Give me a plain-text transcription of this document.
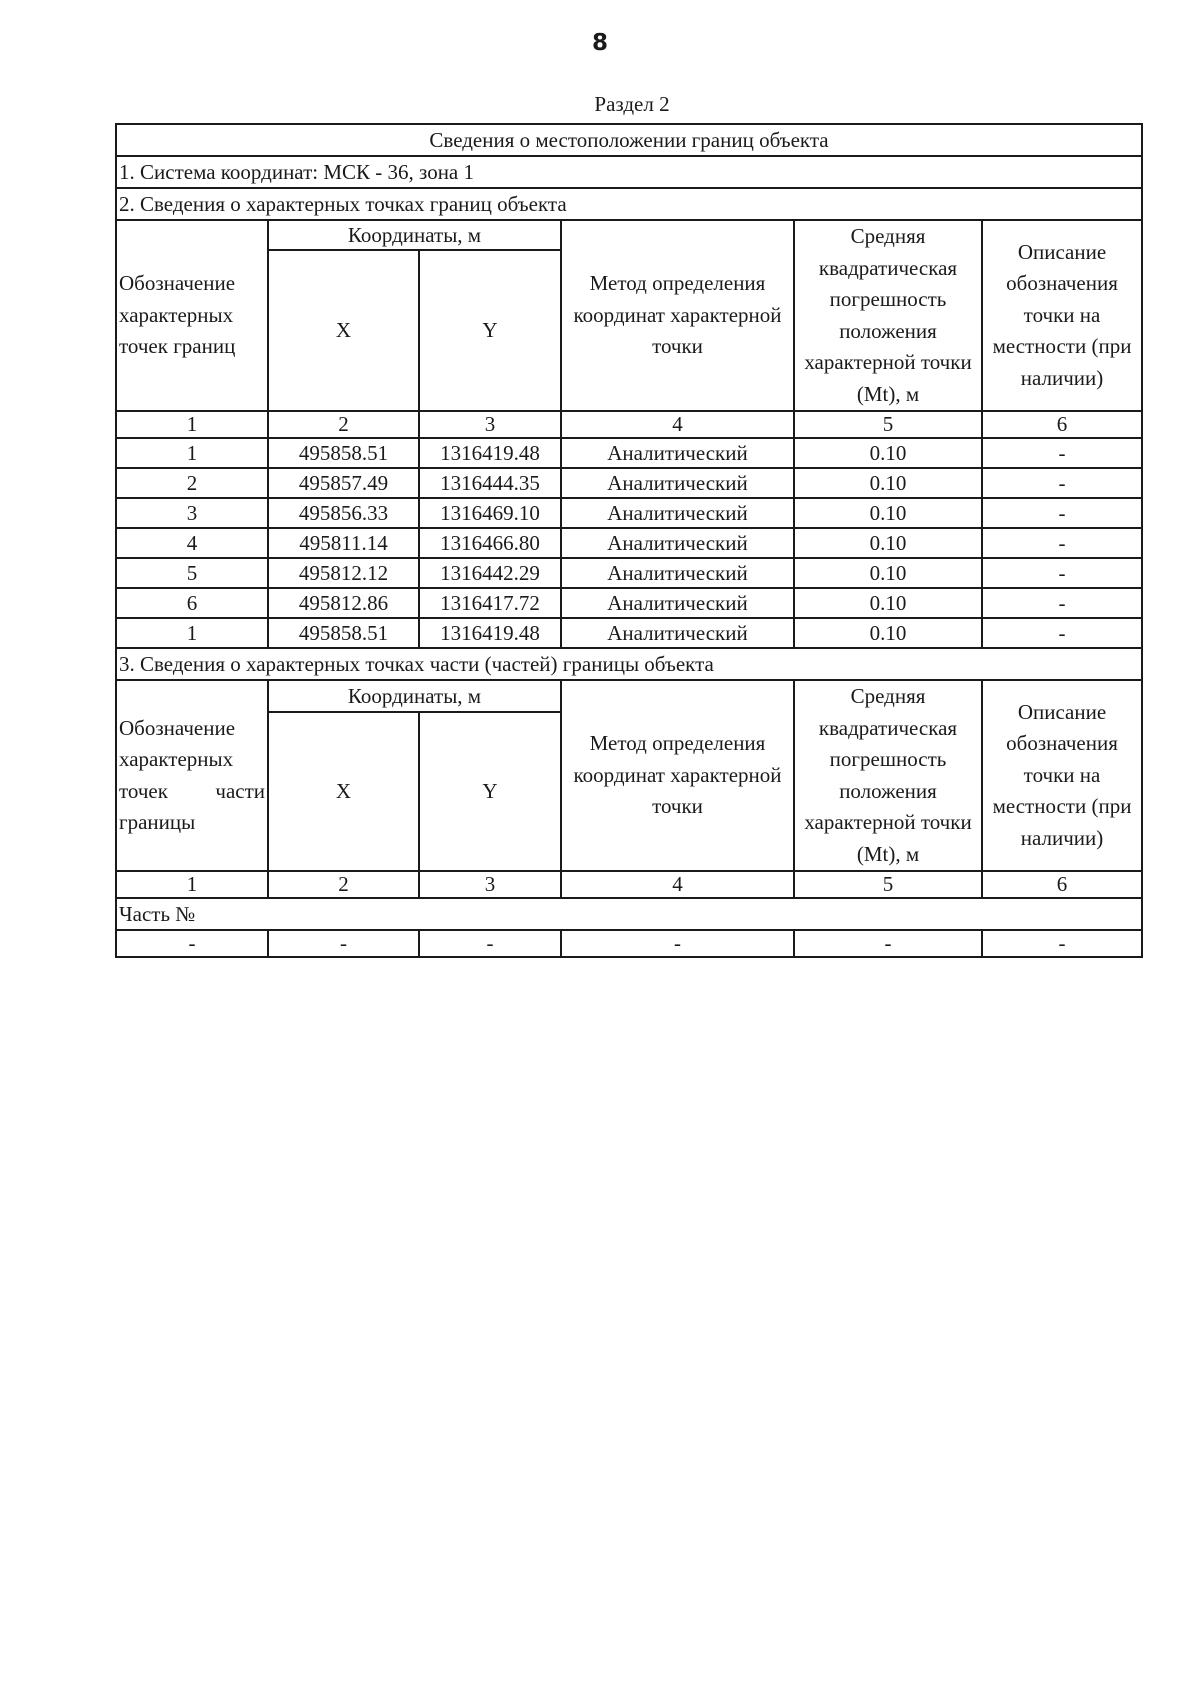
8
Раздел 2
Сведения о местоположении границ объекта					
1. Система координат: МСК - 36, зона 1					
2. Сведения о характерных точках границ объекта					
Обозначение характерных точек границ	Координаты, м		Метод определения координат характерной точки	Средняя квадратическая погрешность положения характерной точки (Mt), м	Описание обозначения точки на местности (при наличии)
	X	Y			
1	2	3	4	5	6
1	495858.51	1316419.48	Аналитический	0.10	-
2	495857.49	1316444.35	Аналитический	0.10	-
3	495856.33	1316469.10	Аналитический	0.10	-
4	495811.14	1316466.80	Аналитический	0.10	-
5	495812.12	1316442.29	Аналитический	0.10	-
6	495812.86	1316417.72	Аналитический	0.10	-
1	495858.51	1316419.48	Аналитический	0.10	-
3. Сведения о характерных точках части (частей) границы объекта					
Обозначение характерных точек части границы	Координаты, м		Метод определения координат характерной точки	Средняя квадратическая погрешность положения характерной точки (Mt), м	Описание обозначения точки на местности (при наличии)
	X	Y			
1	2	3	4	5	6
Часть №					
-	-	-	-	-	-
